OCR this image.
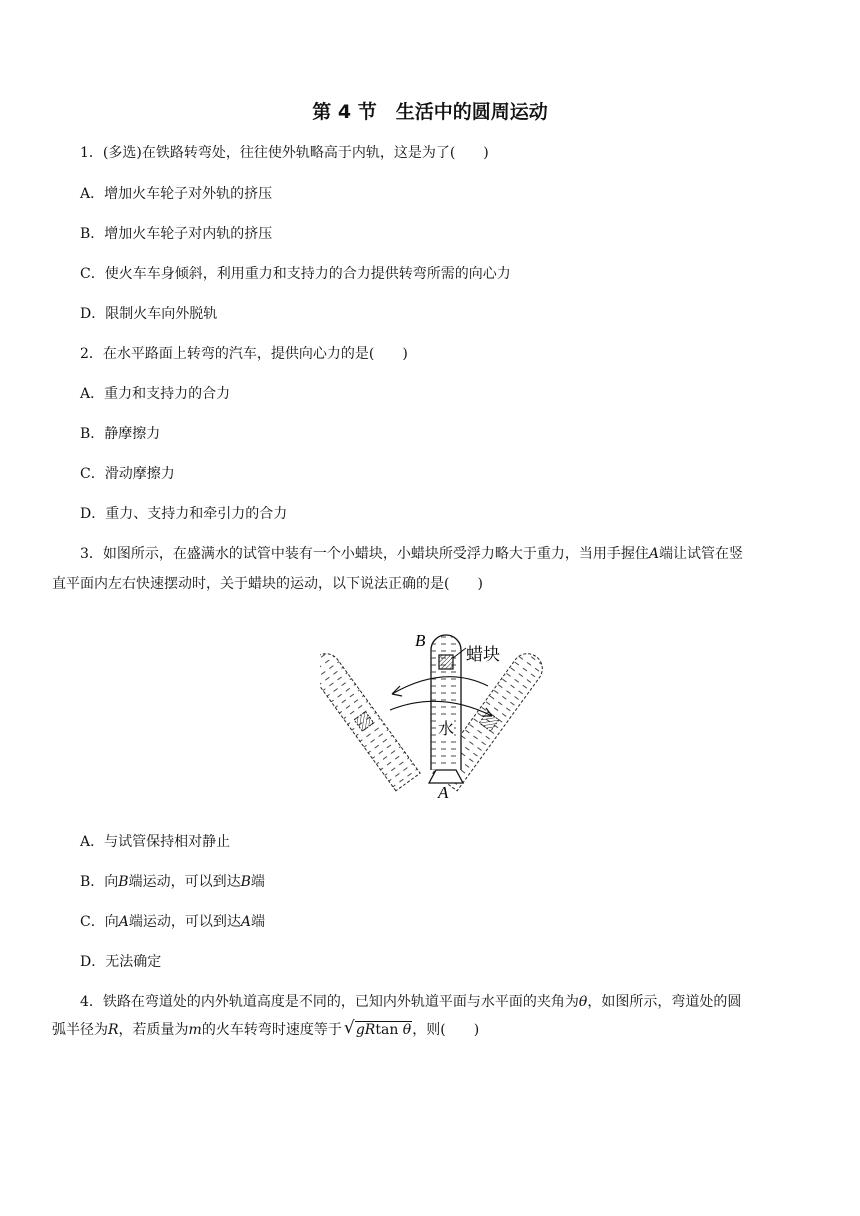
第 4 节　生活中的圆周运动
1．(多选)在铁路转弯处，往往使外轨略高于内轨，这是为了(　　)
A．增加火车轮子对外轨的挤压
B．增加火车轮子对内轨的挤压
C．使火车车身倾斜，利用重力和支持力的合力提供转弯所需的向心力
D．限制火车向外脱轨
2．在水平路面上转弯的汽车，提供向心力的是(　　)
A．重力和支持力的合力
B．静摩擦力
C．滑动摩擦力
D．重力、支持力和牵引力的合力
3．如图所示，在盛满水的试管中装有一个小蜡块，小蜡块所受浮力略大于重力，当用手握住A端让试管在竖
直平面内左右快速摆动时，关于蜡块的运动，以下说法正确的是(　　)
B
A
蜡块
水
A．与试管保持相对静止
B．向B端运动，可以到达B端
C．向A端运动，可以到达A端
D．无法确定
4．铁路在弯道处的内外轨道高度是不同的，已知内外轨道平面与水平面的夹角为θ，如图所示，弯道处的圆
弧半径为R，若质量为m的火车转弯时速度等于 √ gRtan θ，则(　　)
